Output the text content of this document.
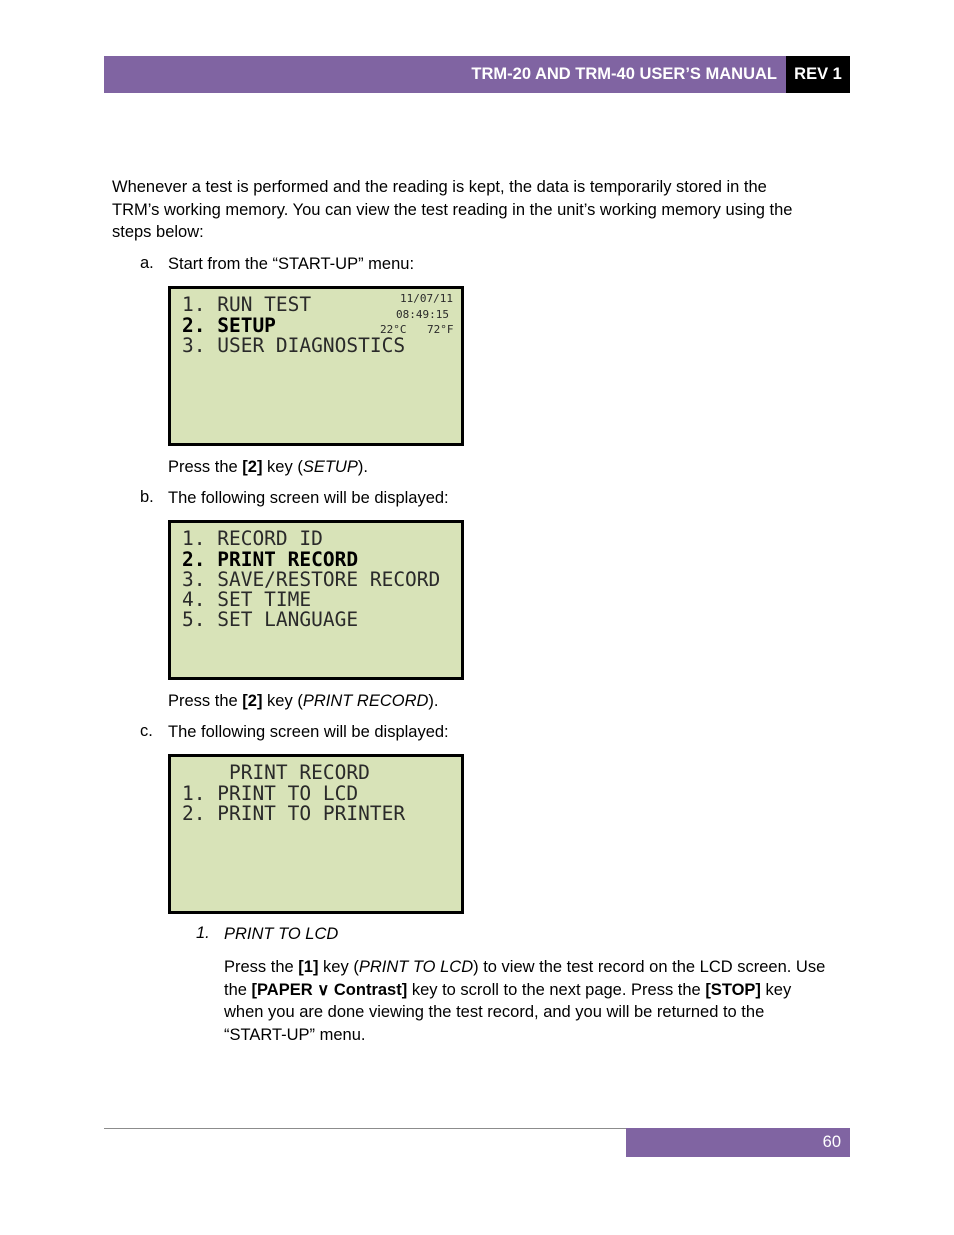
TRM-20 AND TRM-40 USER’S MANUAL REV 1
Whenever a test is performed and the reading is kept, the data is temporarily stored in the
TRM’s working memory. You can view the test reading in the unit’s working memory using the
steps below:
a. Start from the “START-UP” menu:
1. RUN TEST
2. SETUP
3. USER DIAGNOSTICS
11/07/11
08:49:15
22°C 72°F
Press the [2] key (SETUP).
b. The following screen will be displayed:
1. RECORD ID
2. PRINT RECORD
3. SAVE/RESTORE RECORD
4. SET TIME
5. SET LANGUAGE
Press the [2] key (PRINT RECORD).
c. The following screen will be displayed:
PRINT RECORD
1. PRINT TO LCD
2. PRINT TO PRINTER
1. PRINT TO LCD
Press the [1] key (PRINT TO LCD) to view the test record on the LCD screen. Use
the [PAPER ∨ Contrast] key to scroll to the next page. Press the [STOP] key
when you are done viewing the test record, and you will be returned to the
“START-UP” menu.
60
